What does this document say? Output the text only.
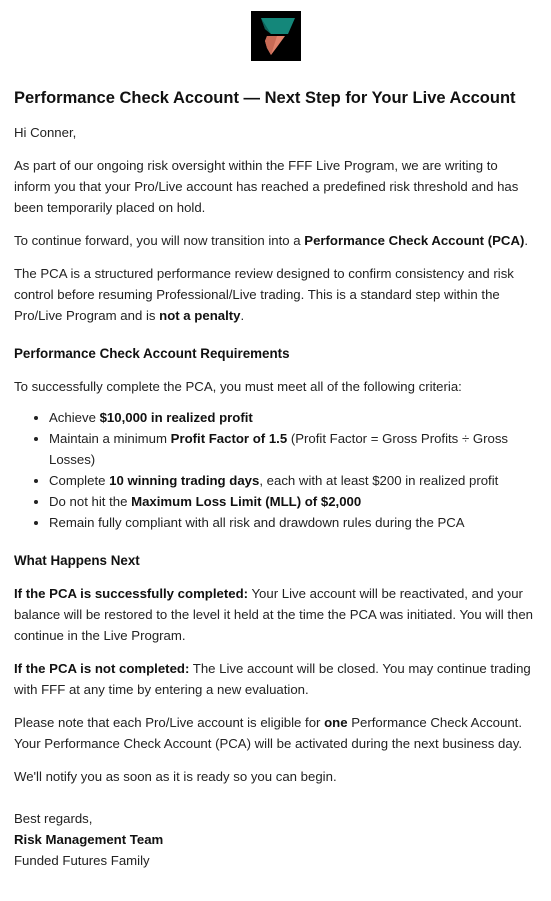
Performance Check Account — Next Step for Your Live Account

Hi Conner,

As part of our ongoing risk oversight within the FFF Live Program, we are writing to inform you that your Pro/Live account has reached a predefined risk threshold and has been temporarily placed on hold.

To continue forward, you will now transition into a Performance Check Account (PCA).

The PCA is a structured performance review designed to confirm consistency and risk control before resuming Professional/Live trading. This is a standard step within the Pro/Live Program and is not a penalty.

Performance Check Account Requirements

To successfully complete the PCA, you must meet all of the following criteria:

• Achieve $10,000 in realized profit
• Maintain a minimum Profit Factor of 1.5 (Profit Factor = Gross Profits ÷ Gross Losses)
• Complete 10 winning trading days, each with at least $200 in realized profit
• Do not hit the Maximum Loss Limit (MLL) of $2,000
• Remain fully compliant with all risk and drawdown rules during the PCA
What Happens Next

If the PCA is successfully completed: Your Live account will be reactivated, and your balance will be restored to the level it held at the time the PCA was initiated. You will then continue in the Live Program.

If the PCA is not completed: The Live account will be closed. You may continue trading with FFF at any time by entering a new evaluation.

Please note that each Pro/Live account is eligible for one Performance Check Account. Your Performance Check Account (PCA) will be activated during the next business day.

We'll notify you as soon as it is ready so you can begin.

Best regards,
Risk Management Team
Funded Futures Family
